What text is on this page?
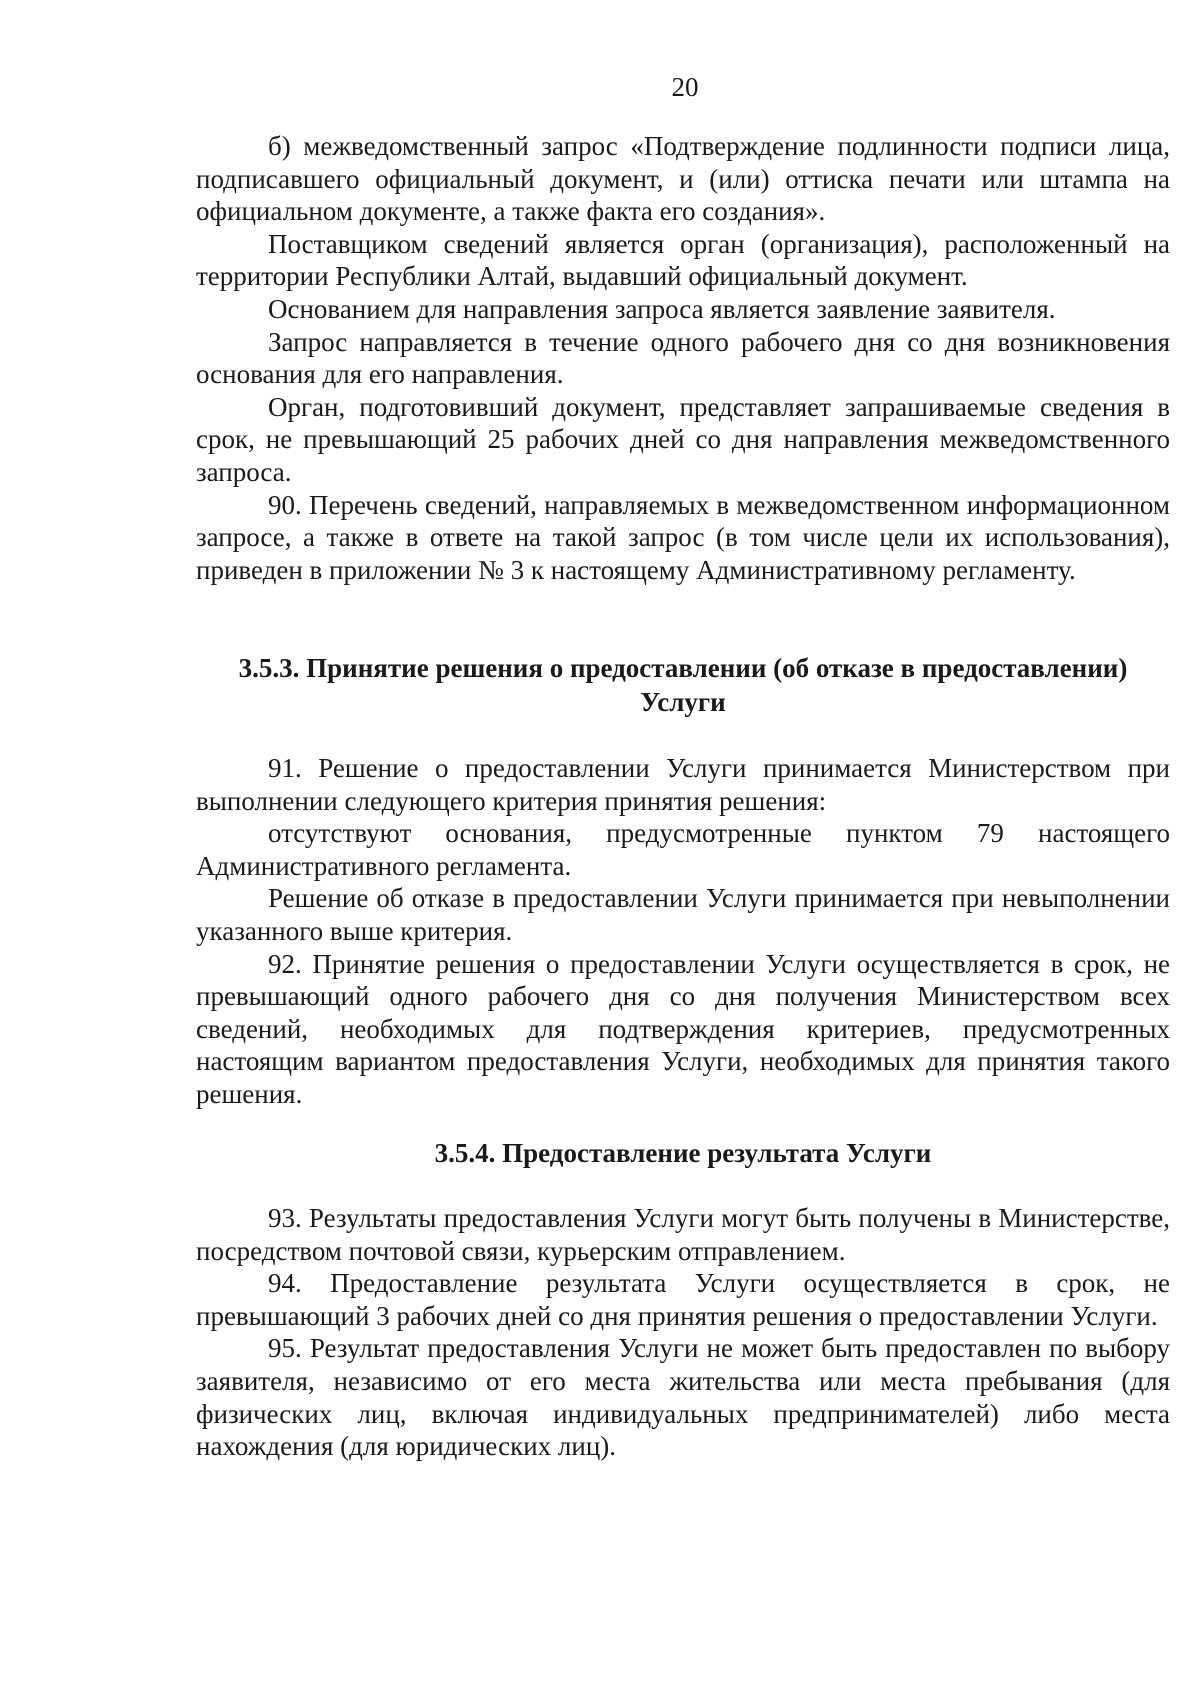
20

б) межведомственный запрос «Подтверждение подлинности подписи лица, подписавшего официальный документ, и (или) оттиска печати или штампа на официальном документе, а также факта его создания».

Поставщиком сведений является орган (организация), расположенный на территории Республики Алтай, выдавший официальный документ.

Основанием для направления запроса является заявление заявителя.

Запрос направляется в течение одного рабочего дня со дня возникновения основания для его направления.

Орган, подготовивший документ, представляет запрашиваемые сведения в срок, не превышающий 25 рабочих дней со дня направления межведомственного запроса.

90. Перечень сведений, направляемых в межведомственном информационном запросе, а также в ответе на такой запрос (в том числе цели их использования), приведен в приложении № 3 к настоящему Административному регламенту.

3.5.3. Принятие решения о предоставлении (об отказе в предоставлении)
Услуги

91. Решение о предоставлении Услуги принимается Министерством при выполнении следующего критерия принятия решения:

отсутствуют основания, предусмотренные пунктом 79 настоящего Административного регламента.

Решение об отказе в предоставлении Услуги принимается при невыполнении указанного выше критерия.

92. Принятие решения о предоставлении Услуги осуществляется в срок, не превышающий одного рабочего дня со дня получения Министерством всех сведений, необходимых для подтверждения критериев, предусмотренных настоящим вариантом предоставления Услуги, необходимых для принятия такого решения.

3.5.4. Предоставление результата Услуги

93. Результаты предоставления Услуги могут быть получены в Министерстве, посредством почтовой связи, курьерским отправлением.

94. Предоставление результата Услуги осуществляется в срок, не превышающий 3 рабочих дней со дня принятия решения о предоставлении Услуги.

95. Результат предоставления Услуги не может быть предоставлен по выбору заявителя, независимо от его места жительства или места пребывания (для физических лиц, включая индивидуальных предпринимателей) либо места нахождения (для юридических лиц).
